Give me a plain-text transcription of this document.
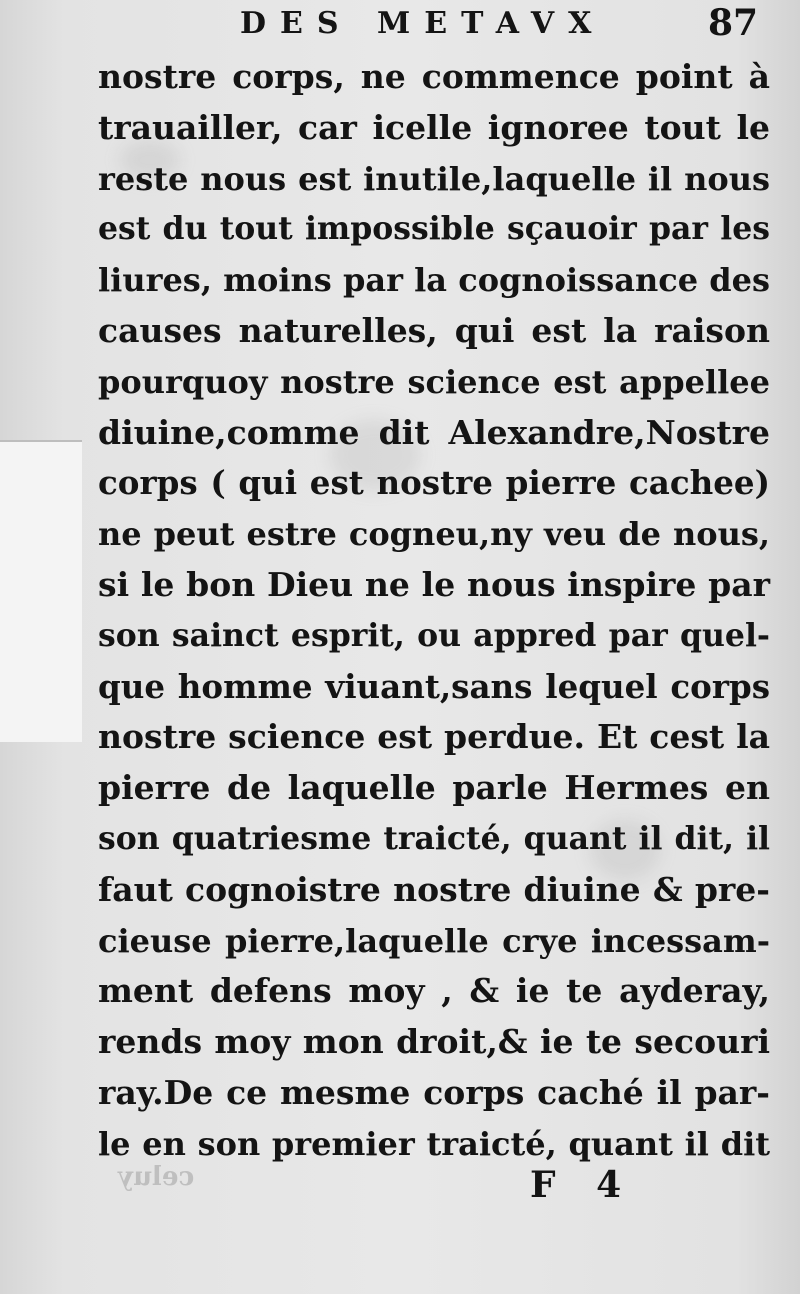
DES METAVX	87
nostre corps, ne commence point à
trauailler, car icelle ignoree tout le
reste nous est inutile,laquelle il nous
est du tout impossible sçauoir par les
liures, moins par la cognoissance des
causes naturelles, qui est la raison
pourquoy nostre science est appellee
diuine,comme dit Alexandre,Nostre
corps ( qui est nostre pierre cachee)
ne peut estre cogneu,ny veu de nous,
si le bon Dieu ne le nous inspire par
son sainct esprit, ou appred par quel-
que homme viuant,sans lequel corps
nostre science est perdue. Et cest la
pierre de laquelle parle Hermes en
son quatriesme traicté, quant il dit, il
faut cognoistre nostre diuine & pre-
cieuse pierre,laquelle crye incessam-
ment defens moy , & ie te ayderay,
rends moy mon droit,& ie te secouri
ray.De ce mesme corps caché il par-
le en son premier traicté, quant il dit
celuy	F 4
